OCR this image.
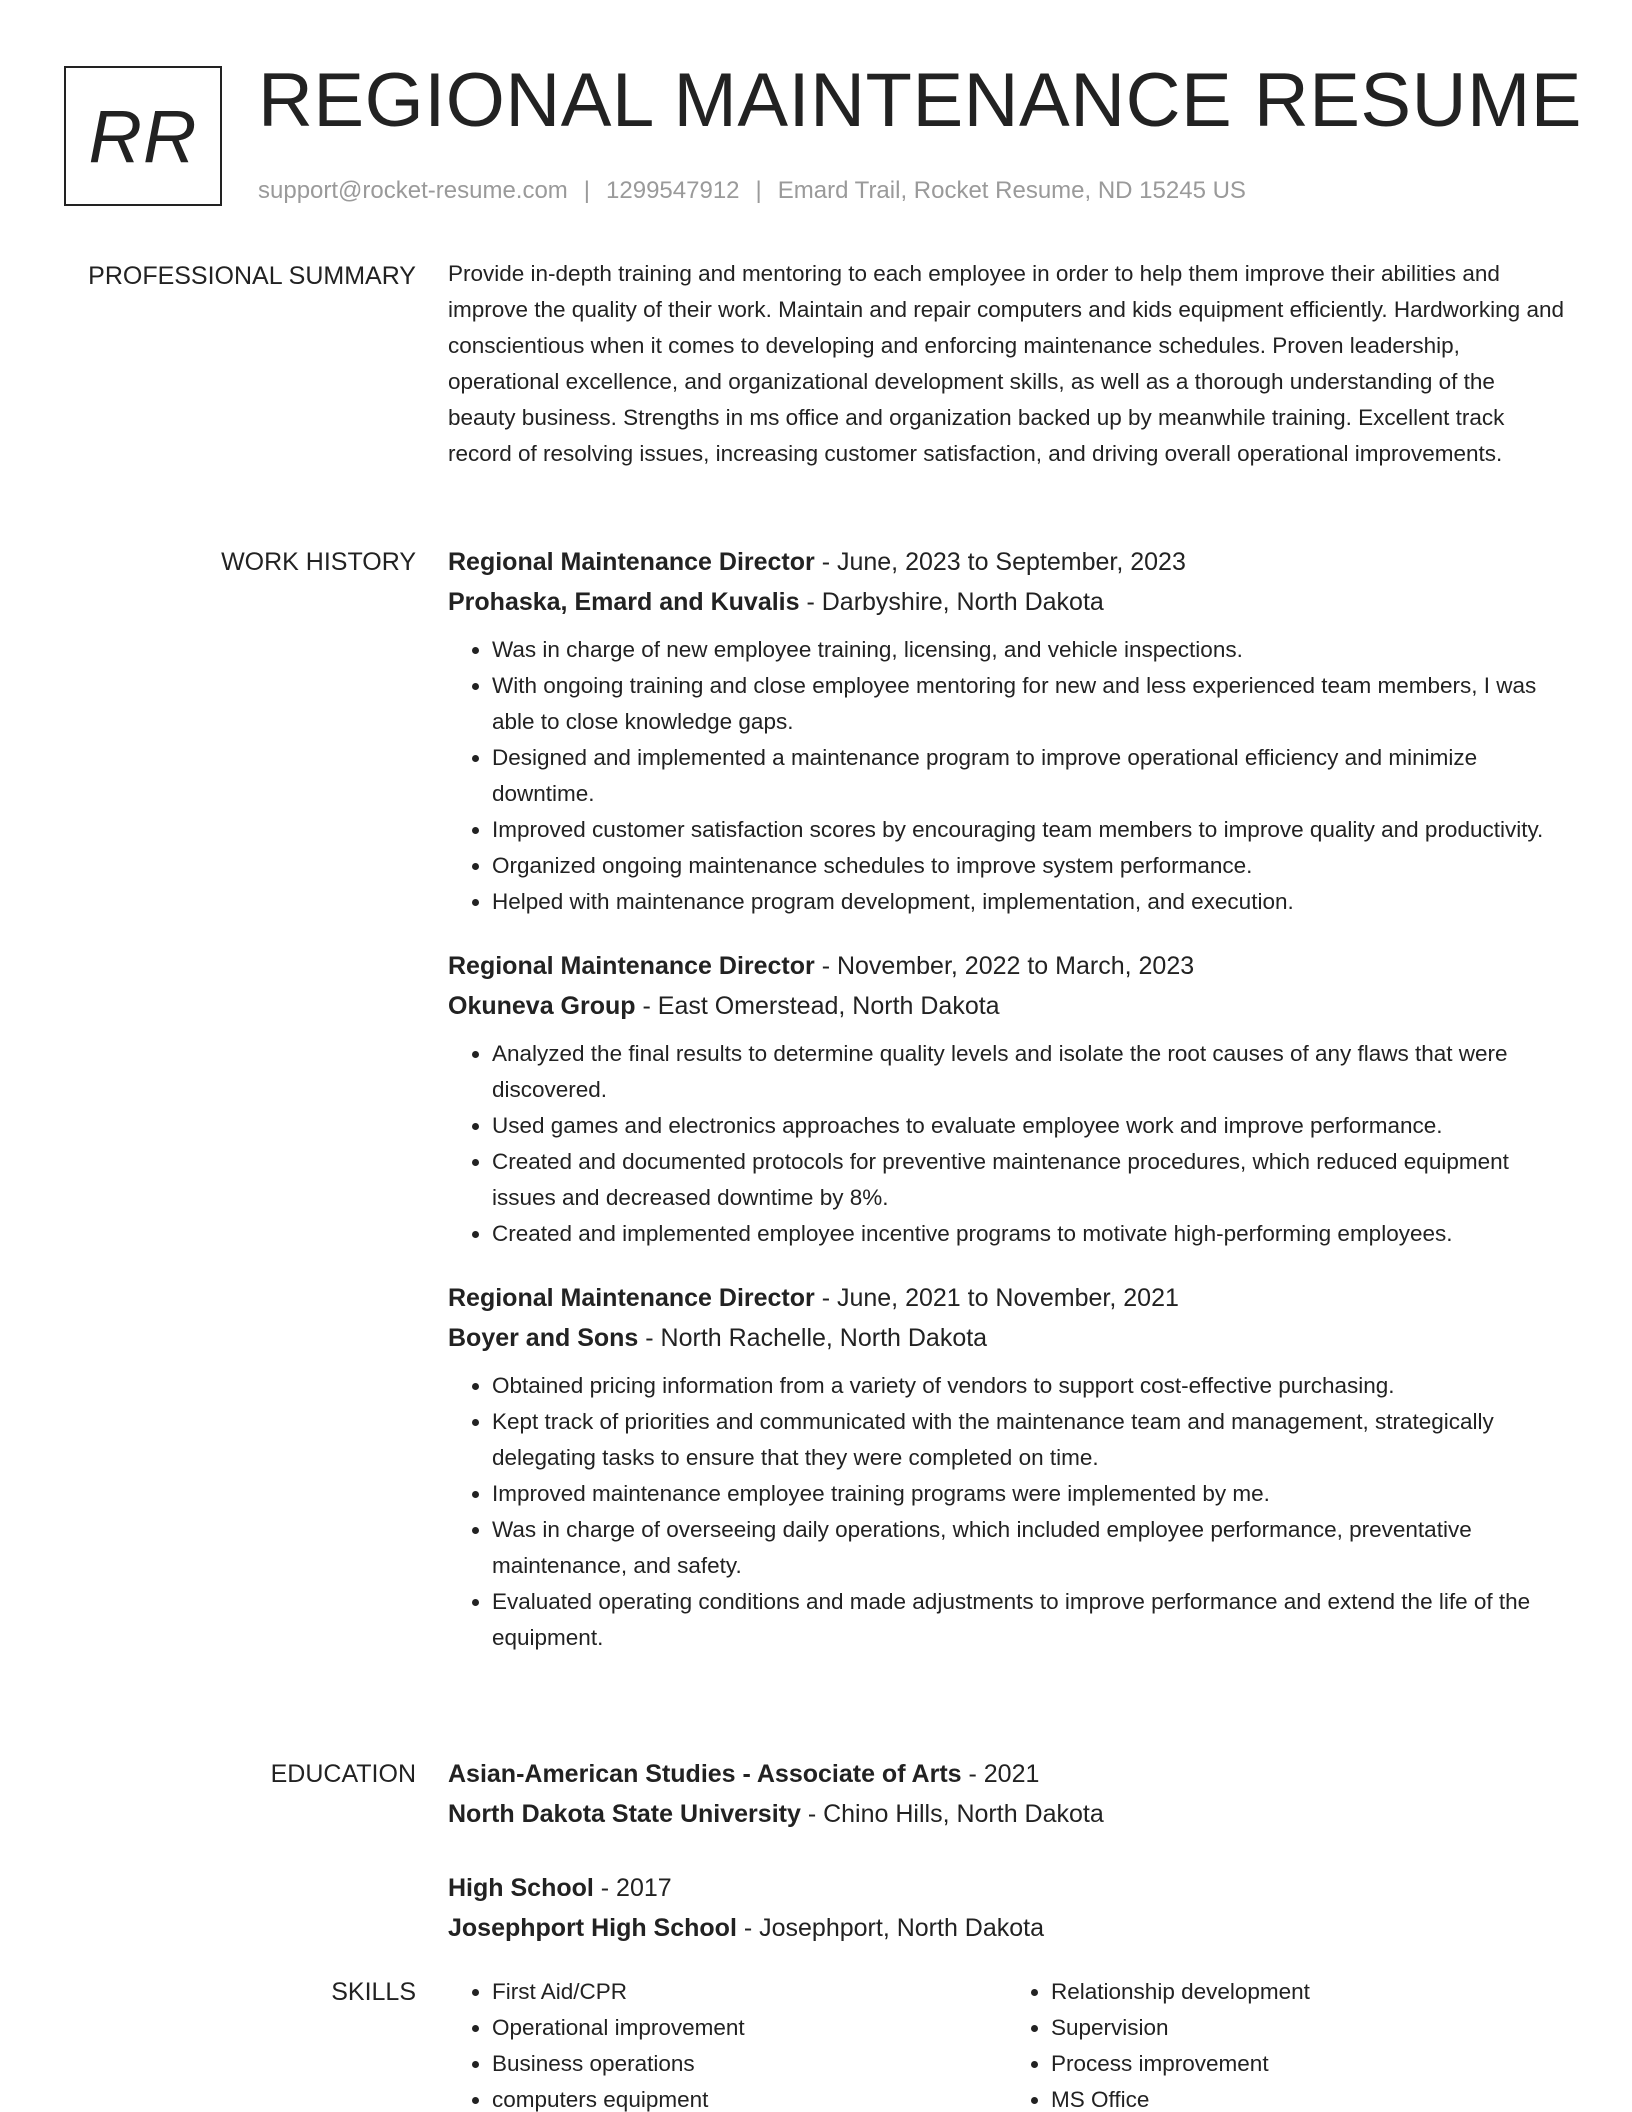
RR REGIONAL MAINTENANCE RESUME
support@rocket-resume.com | 1299547912 | Emard Trail, Rocket Resume, ND 15245 US
PROFESSIONAL SUMMARY Provide in-depth training and mentoring to each employee in order to help them improve their abilities and improve the quality of their work. Maintain and repair computers and kids equipment efficiently. Hardworking and conscientious when it comes to developing and enforcing maintenance schedules. Proven leadership, operational excellence, and organizational development skills, as well as a thorough understanding of the beauty business. Strengths in ms office and organization backed up by meanwhile training. Excellent track record of resolving issues, increasing customer satisfaction, and driving overall operational improvements.

WORK HISTORY Regional Maintenance Director - June, 2023 to September, 2023
Prohaska, Emard and Kuvalis - Darbyshire, North Dakota
• Was in charge of new employee training, licensing, and vehicle inspections.
• With ongoing training and close employee mentoring for new and less experienced team members, I was able to close knowledge gaps.
• Designed and implemented a maintenance program to improve operational efficiency and minimize downtime.
• Improved customer satisfaction scores by encouraging team members to improve quality and productivity.
• Organized ongoing maintenance schedules to improve system performance.
• Helped with maintenance program development, implementation, and execution.
Regional Maintenance Director - November, 2022 to March, 2023
Okuneva Group - East Omerstead, North Dakota
• Analyzed the final results to determine quality levels and isolate the root causes of any flaws that were discovered.
• Used games and electronics approaches to evaluate employee work and improve performance.
• Created and documented protocols for preventive maintenance procedures, which reduced equipment issues and decreased downtime by 8%.
• Created and implemented employee incentive programs to motivate high-performing employees.
Regional Maintenance Director - June, 2021 to November, 2021
Boyer and Sons - North Rachelle, North Dakota
• Obtained pricing information from a variety of vendors to support cost-effective purchasing.
• Kept track of priorities and communicated with the maintenance team and management, strategically delegating tasks to ensure that they were completed on time.
• Improved maintenance employee training programs were implemented by me.
• Was in charge of overseeing daily operations, which included employee performance, preventative maintenance, and safety.
• Evaluated operating conditions and made adjustments to improve performance and extend the life of the equipment.
EDUCATION Asian-American Studies - Associate of Arts - 2021
North Dakota State University - Chino Hills, North Dakota
High School - 2017
Josephport High School - Josephport, North Dakota
SKILLS
•	First Aid/CPR
• Operational improvement
• Business operations
• computers equipment
• Relationship development
• Supervision
• Process improvement
• MS Office
